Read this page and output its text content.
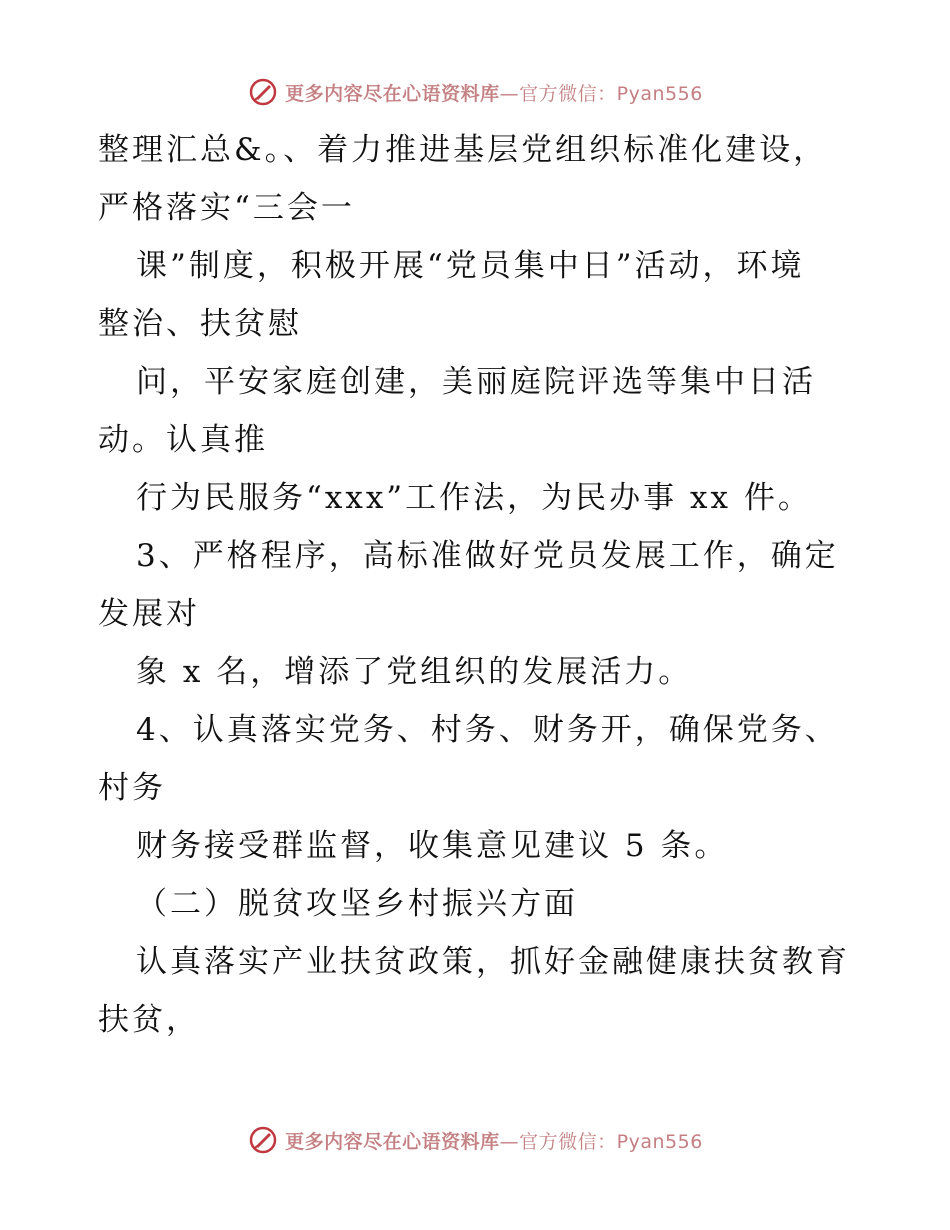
更多内容尽在心语资料库—官方微信：Pyan556
整理汇总&。、着力推进基层党组织标准化建设，
严格落实“三会一
课”制度，积极开展“党员集中日”活动，环境
整治、扶贫慰
问，平安家庭创建，美丽庭院评选等集中日活
动。认真推
行为民服务“xxx”工作法，为民办事 xx 件。
3、严格程序，高标准做好党员发展工作，确定
发展对
象 x 名，增添了党组织的发展活力。
4、认真落实党务、村务、财务开，确保党务、
村务
财务接受群监督，收集意见建议 5 条。
（二）脱贫攻坚乡村振兴方面
认真落实产业扶贫政策，抓好金融健康扶贫教育
扶贫，
更多内容尽在心语资料库—官方微信：Pyan556
